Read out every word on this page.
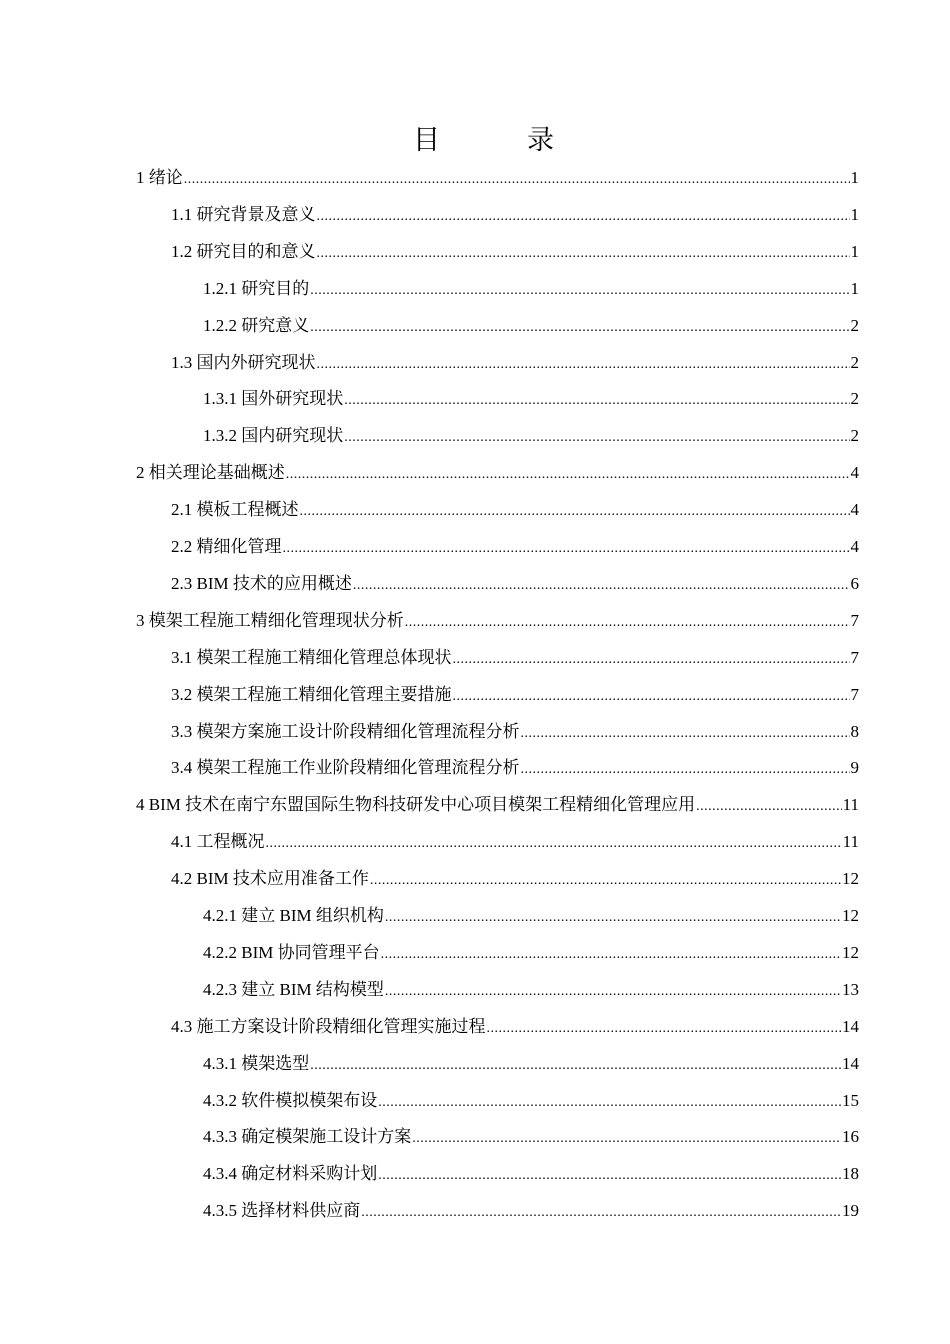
目　录
1 绪论 .....	1
1.1 研究背景及意义 .....	1
1.2 研究目的和意义 .....	1
1.2.1 研究目的 .....	1
1.2.2 研究意义 .....	2
1.3 国内外研究现状 .....	2
1.3.1 国外研究现状 .....	2
1.3.2 国内研究现状 .....	2
2 相关理论基础概述 .....	4
2.1 模板工程概述 .....	4
2.2 精细化管理 .....	4
2.3 BIM 技术的应用概述 .....	6
3 模架工程施工精细化管理现状分析 .....	7
3.1 模架工程施工精细化管理总体现状 .....	7
3.2 模架工程施工精细化管理主要措施 .....	7
3.3 模架方案施工设计阶段精细化管理流程分析 .....	8
3.4 模架工程施工作业阶段精细化管理流程分析 .....	9
4 BIM 技术在南宁东盟国际生物科技研发中心项目模架工程精细化管理应用 .....	11
4.1 工程概况 .....	11
4.2 BIM 技术应用准备工作 .....	12
4.2.1 建立 BIM 组织机构 .....	12
4.2.2 BIM 协同管理平台 .....	12
4.2.3 建立 BIM 结构模型 .....	13
4.3 施工方案设计阶段精细化管理实施过程 .....	14
4.3.1 模架选型 .....	14
4.3.2 软件模拟模架布设 .....	15
4.3.3 确定模架施工设计方案 .....	16
4.3.4 确定材料采购计划 .....	18
4.3.5 选择材料供应商 .....	19
